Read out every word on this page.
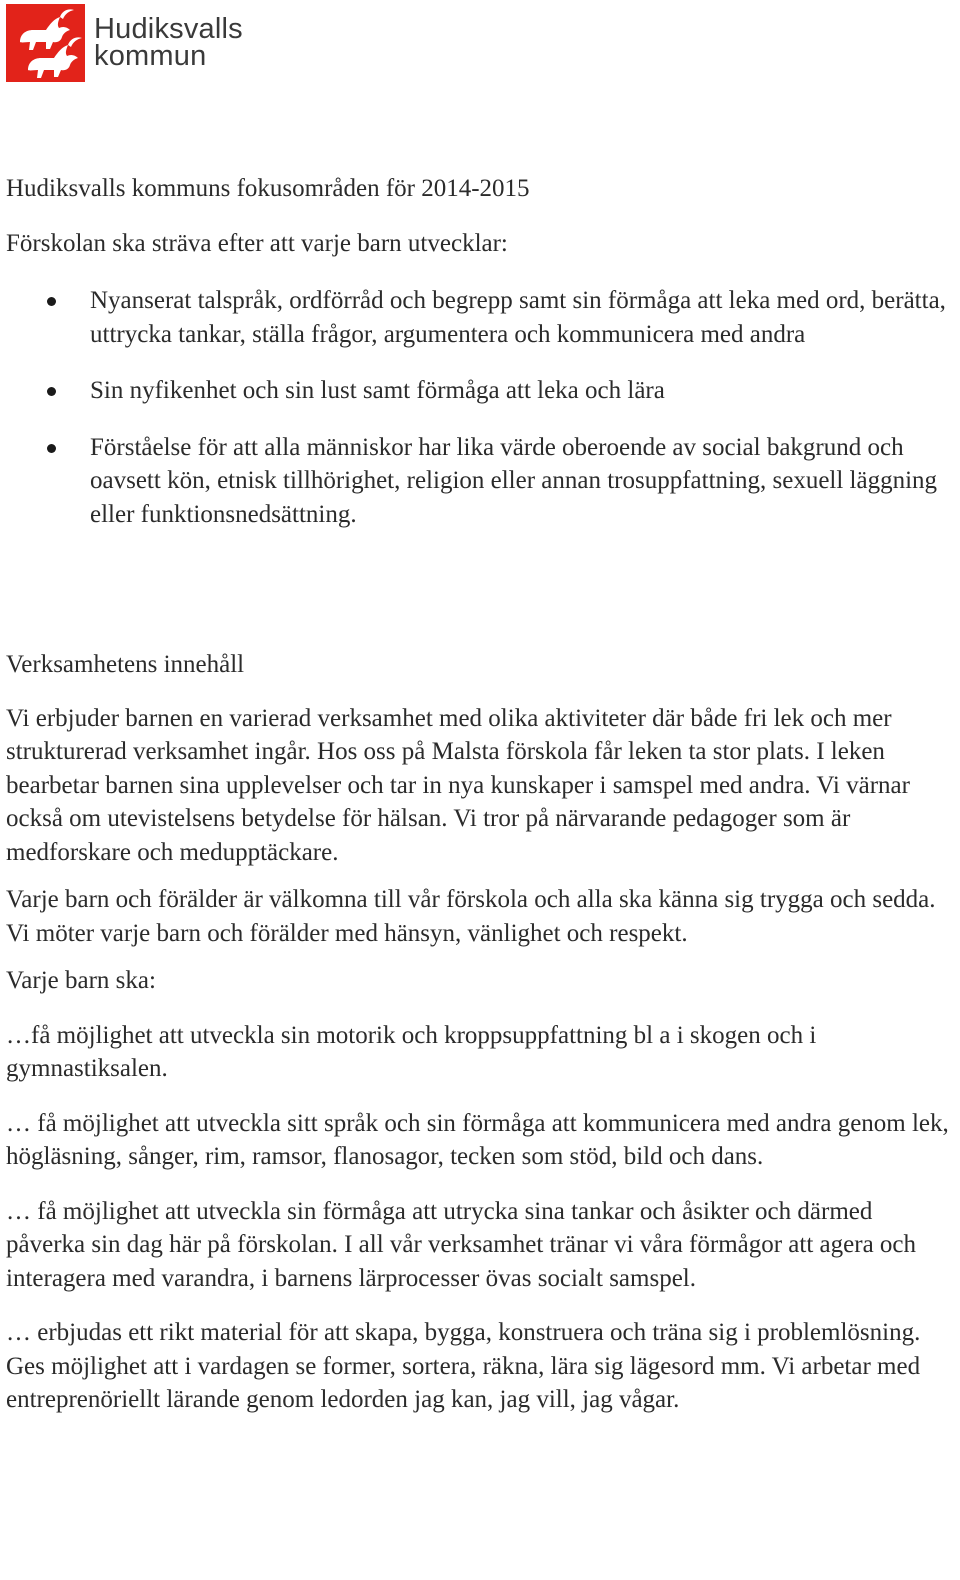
Hudiksvalls
kommun

Hudiksvalls kommuns fokusområden för 2014-2015

Förskolan ska sträva efter att varje barn utvecklar:

Nyanserat talspråk, ordförråd och begrepp samt sin förmåga att leka med ord, berätta, uttrycka tankar, ställa frågor, argumentera och kommunicera med andra
Sin nyfikenhet och sin lust samt förmåga att leka och lära
Förståelse för att alla människor har lika värde oberoende av social bakgrund och oavsett kön, etnisk tillhörighet, religion eller annan trosuppfattning, sexuell läggning eller funktionsnedsättning.

Verksamhetens innehåll

Vi erbjuder barnen en varierad verksamhet med olika aktiviteter där både fri lek och mer strukturerad verksamhet ingår. Hos oss på Malsta förskola får leken ta stor plats. I leken bearbetar barnen sina upplevelser och tar in nya kunskaper i samspel med andra. Vi värnar också om utevistelsens betydelse för hälsan. Vi tror på närvarande pedagoger som är medforskare och medupptäckare.

Varje barn och förälder är välkomna till vår förskola och alla ska känna sig trygga och sedda.

Vi möter varje barn och förälder med hänsyn, vänlighet och respekt.

Varje barn ska:

…få möjlighet att utveckla sin motorik och kroppsuppfattning bl a i skogen och i gymnastiksalen.

… få möjlighet att utveckla sitt språk och sin förmåga att kommunicera med andra genom lek, högläsning, sånger, rim, ramsor, flanosagor, tecken som stöd, bild och dans.

… få möjlighet att utveckla sin förmåga att utrycka sina tankar och åsikter och därmed påverka sin dag här på förskolan. I all vår verksamhet tränar vi våra förmågor att agera och interagera med varandra, i barnens lärprocesser övas socialt samspel.

… erbjudas ett rikt material för att skapa, bygga, konstruera och träna sig i problemlösning. Ges möjlighet att i vardagen se former, sortera, räkna, lära sig lägesord mm. Vi arbetar med entreprenöriellt lärande genom ledorden jag kan, jag vill, jag vågar.
